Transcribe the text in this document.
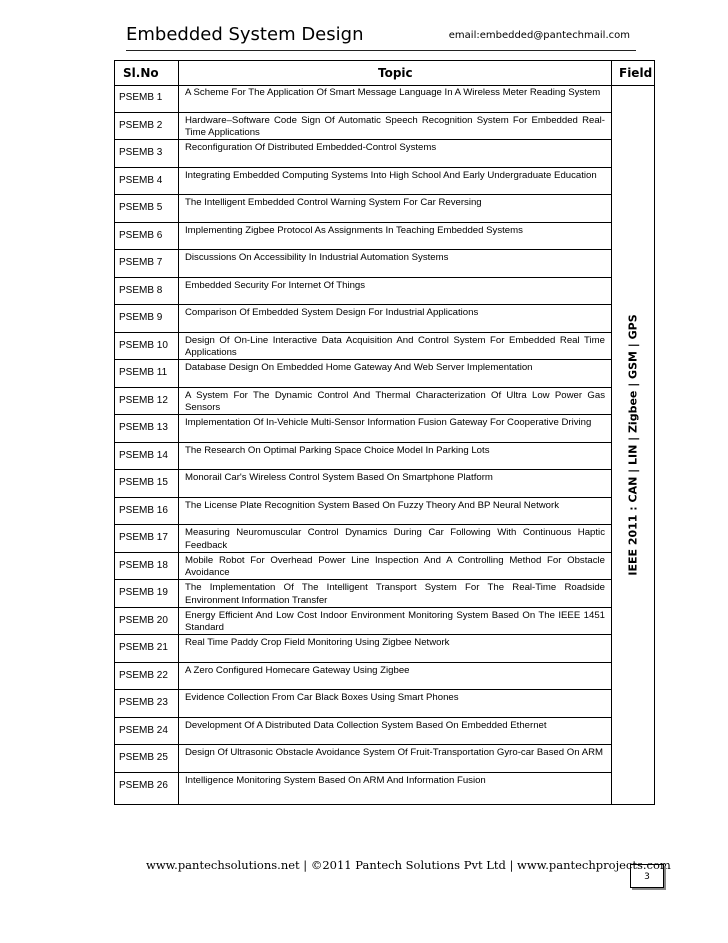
Embedded System Design	email:embedded@pantechmail.com
Sl.No	Topic	Field
PSEMB 1 A Scheme For The Application Of Smart Message Language In A Wireless Meter Reading System
PSEMB 2 Hardware–Software Code Sign Of Automatic Speech Recognition System For Embedded Real-Time Applications
PSEMB 3 Reconfiguration Of Distributed Embedded-Control Systems
PSEMB 4 Integrating Embedded Computing Systems Into High School And Early Undergraduate Education
PSEMB 5 The Intelligent Embedded Control Warning System For Car Reversing
PSEMB 6 Implementing Zigbee Protocol As Assignments In Teaching Embedded Systems
PSEMB 7 Discussions On Accessibility In Industrial Automation Systems
PSEMB 8 Embedded Security For Internet Of Things
PSEMB 9 Comparison Of Embedded System Design For Industrial Applications
PSEMB 10 Design Of On-Line Interactive Data Acquisition And Control System For Embedded Real Time Applications
PSEMB 11 Database Design On Embedded Home Gateway And Web Server Implementation
PSEMB 12 A System For The Dynamic Control And Thermal Characterization Of Ultra Low Power Gas Sensors
PSEMB 13 Implementation Of In-Vehicle Multi-Sensor Information Fusion Gateway For Cooperative Driving
PSEMB 14 The Research On Optimal Parking Space Choice Model In Parking Lots
PSEMB 15 Monorail Car's Wireless Control System Based On Smartphone Platform
PSEMB 16 The License Plate Recognition System Based On Fuzzy Theory And BP Neural Network
PSEMB 17 Measuring Neuromuscular Control Dynamics During Car Following With Continuous Haptic Feedback
PSEMB 18 Mobile Robot For Overhead Power Line Inspection And A Controlling Method For Obstacle Avoidance
PSEMB 19 The Implementation Of The Intelligent Transport System For The Real-Time Roadside Environment Information Transfer
PSEMB 20 Energy Efficient And Low Cost Indoor Environment Monitoring System Based On The IEEE 1451 Standard
PSEMB 21 Real Time Paddy Crop Field Monitoring Using Zigbee Network
PSEMB 22 A Zero Configured Homecare Gateway Using Zigbee
PSEMB 23 Evidence Collection From Car Black Boxes Using Smart Phones
PSEMB 24 Development Of A Distributed Data Collection System Based On Embedded Ethernet
PSEMB 25 Design Of Ultrasonic Obstacle Avoidance System Of Fruit-Transportation Gyro-car Based On ARM
PSEMB 26 Intelligence Monitoring System Based On ARM And Information Fusion
IEEE 2011 : CAN | LIN | Zigbee | GSM | GPS
www.pantechsolutions.net | ©2011 Pantech Solutions Pvt Ltd | www.pantechprojects.com
3
